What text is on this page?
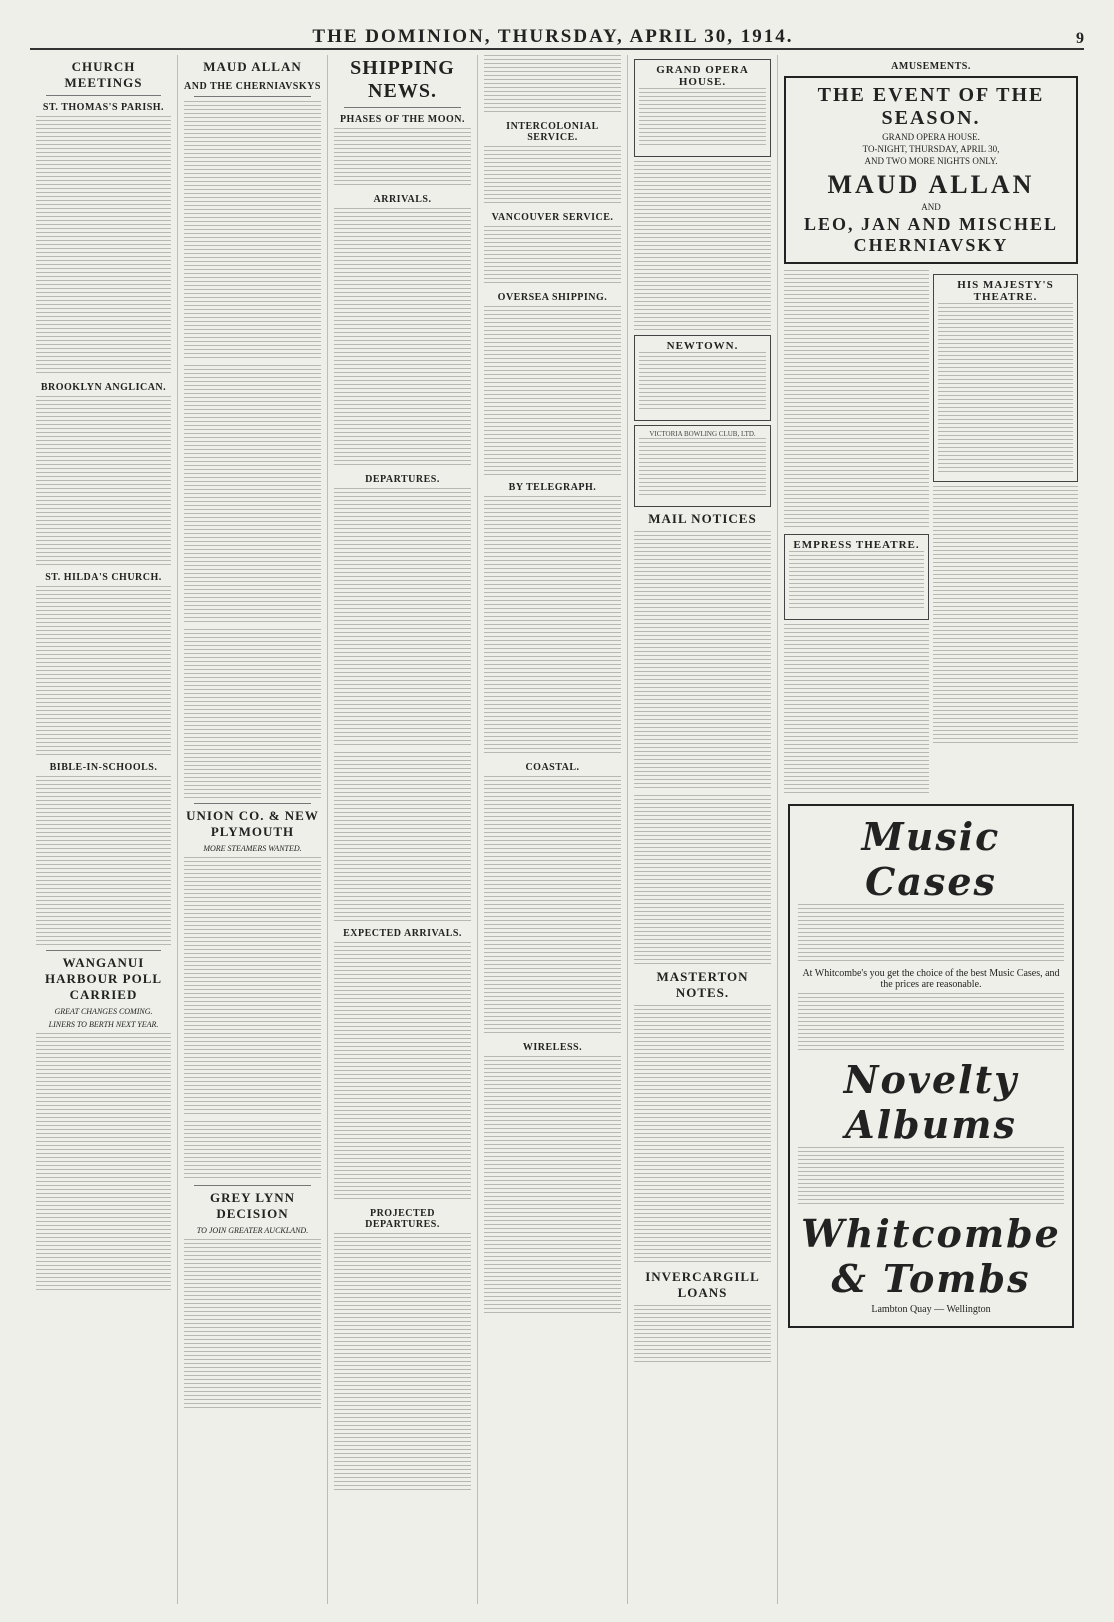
THE DOMINION, THURSDAY, APRIL 30, 1914.	9
CHURCH MEETINGS
ST. THOMAS'S PARISH.
BROOKLYN ANGLICAN.
ST. HILDA'S CHURCH.
BIBLE-IN-SCHOOLS.
WANGANUI HARBOUR POLL CARRIED
GREAT CHANGES COMING.
LINERS TO BERTH NEXT YEAR.
MAUD ALLAN
AND THE CHERNIAVSKYS
UNION CO. & NEW PLYMOUTH
MORE STEAMERS WANTED.
GREY LYNN DECISION
TO JOIN GREATER AUCKLAND.
SHIPPING NEWS.
PHASES OF THE MOON.
ARRIVALS.
DEPARTURES.
EXPECTED ARRIVALS.
PROJECTED DEPARTURES.
INTERCOLONIAL SERVICE.
VANCOUVER SERVICE.
OVERSEA SHIPPING.
BY TELEGRAPH.
COASTAL.
WIRELESS.
GRAND OPERA HOUSE.
NEWTOWN.
VICTORIA BOWLING CLUB, LTD.
MAIL NOTICES
MASTERTON NOTES.
INVERCARGILL LOANS
AMUSEMENTS.
THE EVENT OF THE SEASON.
GRAND OPERA HOUSE.
TO-NIGHT, THURSDAY, APRIL 30,
AND TWO MORE NIGHTS ONLY.
MAUD ALLAN
AND
LEO, JAN AND MISCHEL CHERNIAVSKY
EMPRESS THEATRE.
HIS MAJESTY'S THEATRE.
Music Cases
At Whitcombe's you get the choice of the best Music Cases, and the prices are reasonable.
Novelty Albums
Whitcombe & Tombs
Lambton Quay — Wellington
